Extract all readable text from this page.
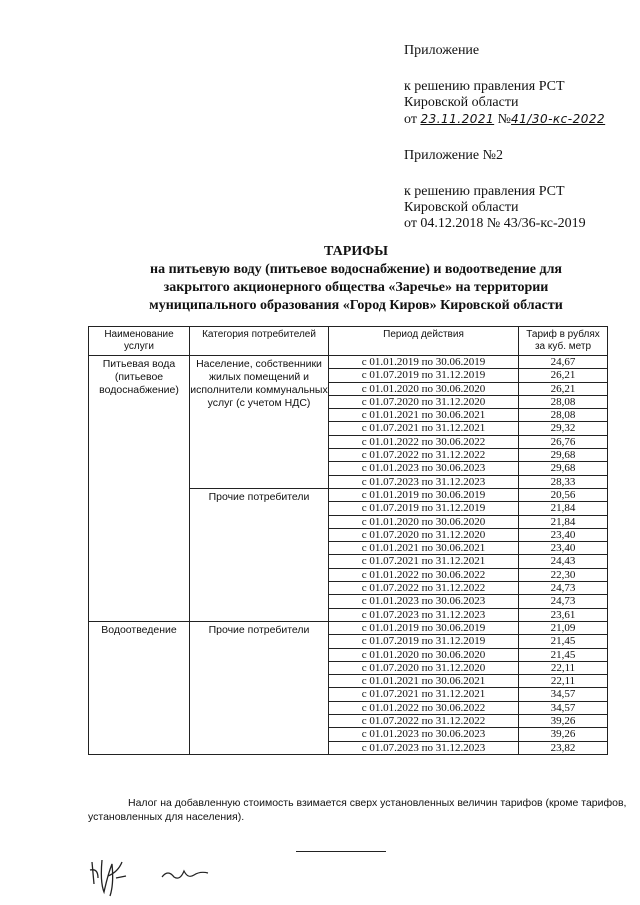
Приложение
к решению правления РСТ
Кировской области
от 23.11.2021 №41/30-кс-2022
Приложение №2
к решению правления РСТ
Кировской области
от 04.12.2018 № 43/36-кс-2019
ТАРИФЫ
на питьевую воду (питьевое водоснабжение) и водоотведение для
закрытого акционерного общества «Заречье» на территории
муниципального образования «Город Киров» Кировской области
Наименование услуги	Категория потребителей	Период действия	Тариф в рублях за куб. метр
Питьевая вода (питьевое водоснабжение)	Население, собственники жилых помещений и исполнители коммунальных услуг (с учетом НДС)	с 01.01.2019 по 30.06.2019	24,67
		с 01.07.2019 по 31.12.2019	26,21
		с 01.01.2020 по 30.06.2020	26,21
		с 01.07.2020 по 31.12.2020	28,08
		с 01.01.2021 по 30.06.2021	28,08
		с 01.07.2021 по 31.12.2021	29,32
		с 01.01.2022 по 30.06.2022	26,76
		с 01.07.2022 по 31.12.2022	29,68
		с 01.01.2023 по 30.06.2023	29,68
		с 01.07.2023 по 31.12.2023	28,33
	Прочие потребители	с 01.01.2019 по 30.06.2019	20,56
		с 01.07.2019 по 31.12.2019	21,84
		с 01.01.2020 по 30.06.2020	21,84
		с 01.07.2020 по 31.12.2020	23,40
		с 01.01.2021 по 30.06.2021	23,40
		с 01.07.2021 по 31.12.2021	24,43
		с 01.01.2022 по 30.06.2022	22,30
		с 01.07.2022 по 31.12.2022	24,73
		с 01.01.2023 по 30.06.2023	24,73
		с 01.07.2023 по 31.12.2023	23,61
Водоотведение	Прочие потребители	с 01.01.2019 по 30.06.2019	21,09
		с 01.07.2019 по 31.12.2019	21,45
		с 01.01.2020 по 30.06.2020	21,45
		с 01.07.2020 по 31.12.2020	22,11
		с 01.01.2021 по 30.06.2021	22,11
		с 01.07.2021 по 31.12.2021	34,57
		с 01.01.2022 по 30.06.2022	34,57
		с 01.07.2022 по 31.12.2022	39,26
		с 01.01.2023 по 30.06.2023	39,26
		с 01.07.2023 по 31.12.2023	23,82
Налог на добавленную стоимость взимается сверх установленных величин тарифов (кроме тарифов, установленных для населения).
